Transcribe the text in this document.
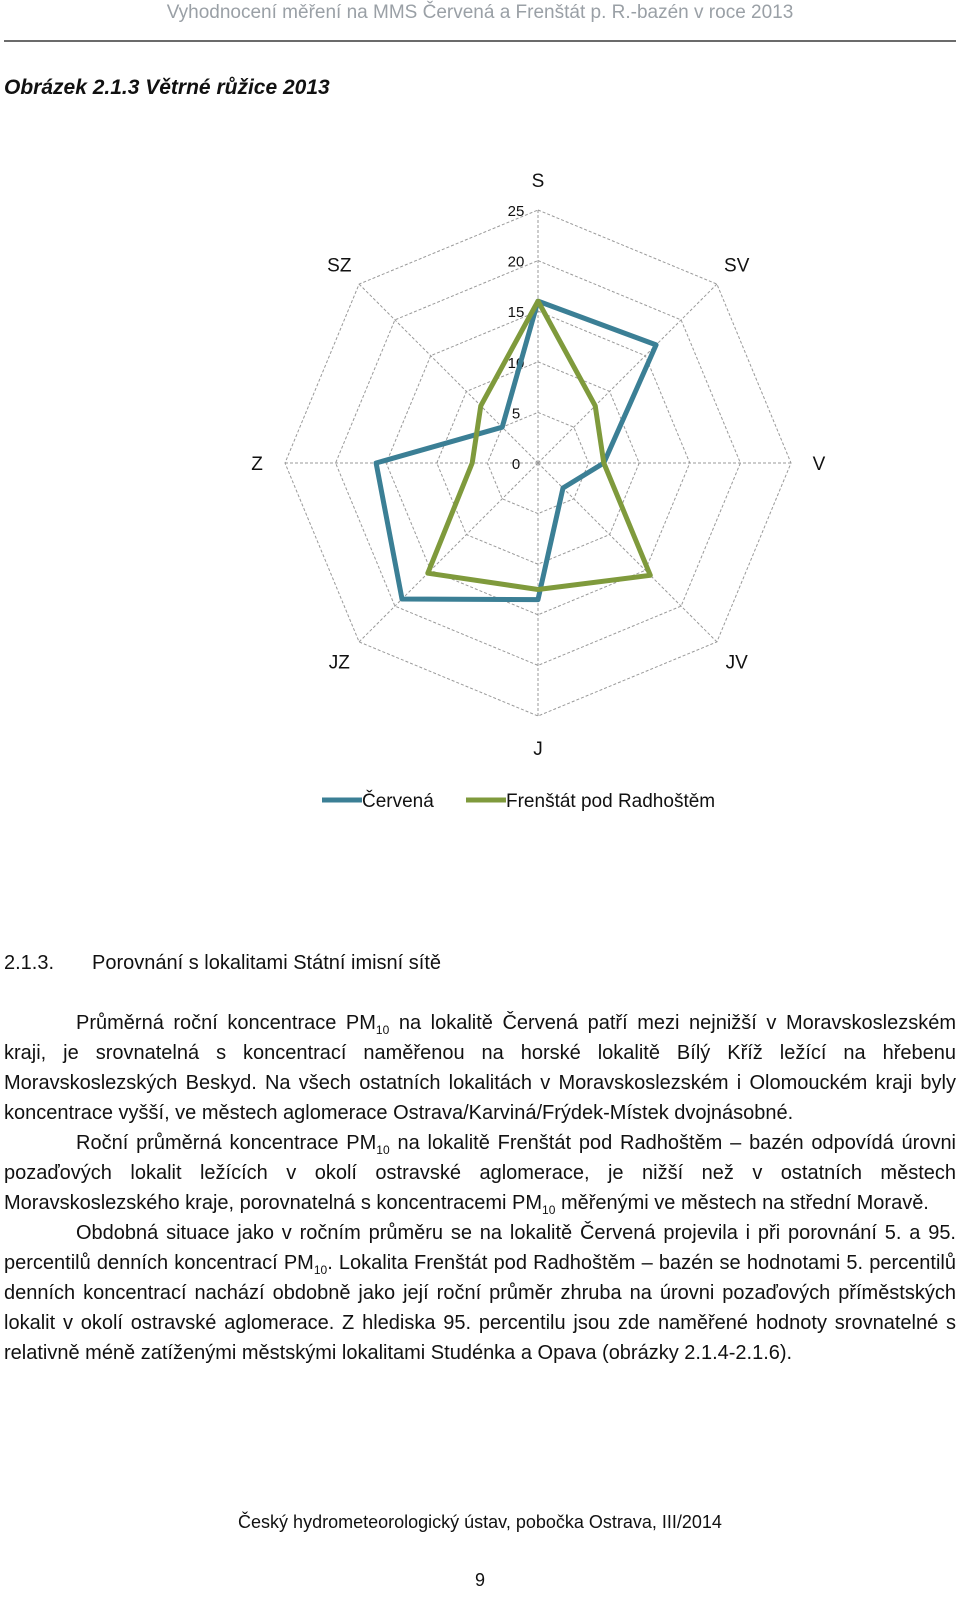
Vyhodnocení měření na MMS Červená a Frenštát p. R.-bazén v roce 2013
Obrázek 2.1.3 Větrné růžice 2013
0
5
10
15
20
25
S
SV
V
JV
J
JZ
Z
SZ
Červená	Frenštát pod Radhoštěm
2.1.3. Porovnání s lokalitami Státní imisní sítě

Průměrná roční koncentrace $PM_{10}$ na lokalitě Červená patří mezi nejnižší v Moravskoslezském kraji, je srovnatelná s koncentrací naměřenou na horské lokalitě Bílý Kříž ležící na hřebenu Moravskoslezských Beskyd. Na všech ostatních lokalitách v Moravskoslezském i Olomouckém kraji byly koncentrace vyšší, ve městech aglomerace Ostrava/Karviná/Frýdek-Místek dvojnásobné.

Roční průměrná koncentrace $PM_{10}$ na lokalitě Frenštát pod Radhoštěm – bazén odpovídá úrovni pozaďových lokalit ležících v okolí ostravské aglomerace, je nižší než v ostatních městech Moravskoslezského kraje, porovnatelná s koncentracemi $PM_{10}$ měřenými ve městech na střední Moravě.

Obdobná situace jako v ročním průměru se na lokalitě Červená projevila i při porovnání 5. a 95. percentilů denních koncentrací $PM_{10}$. Lokalita Frenštát pod Radhoštěm – bazén se hodnotami 5. percentilů denních koncentrací nachází obdobně jako její roční průměr zhruba na úrovni pozaďových příměstských lokalit v okolí ostravské aglomerace. Z hlediska 95. percentilu jsou zde naměřené hodnoty srovnatelné s relativně méně zatíženými městskými lokalitami Studénka a Opava (obrázky 2.1.4-2.1.6).

Český hydrometeorologický ústav, pobočka Ostrava, III/2014
9
